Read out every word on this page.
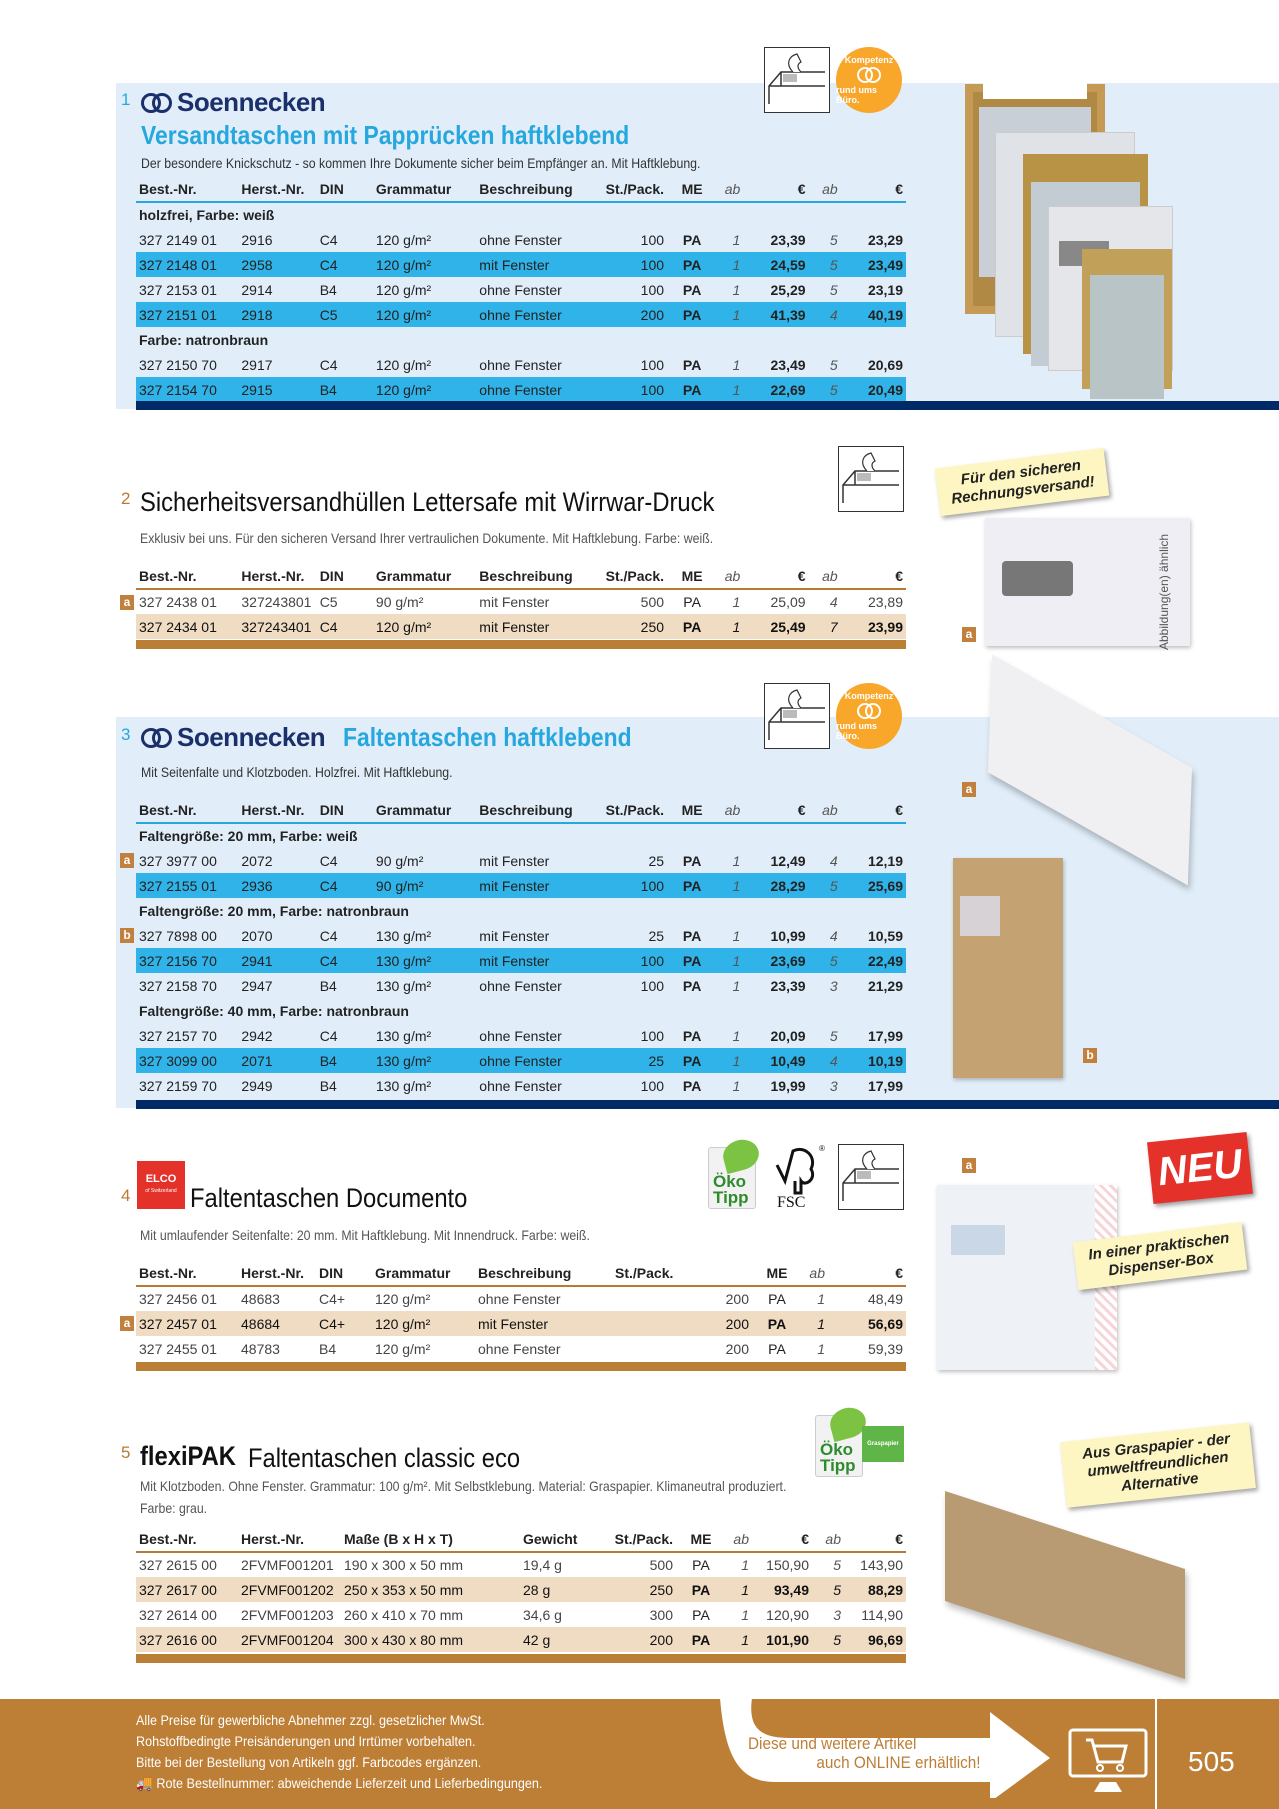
1 Soennecken
Versandtaschen mit Papprücken haftklebend
Der besondere Knickschutz - so kommen Ihre Dokumente sicher beim Empfänger an. Mit Haftklebung.
Kompetenz
rund ums Büro.
Best.-Nr.	Herst.-Nr.	DIN	Grammatur	Beschreibung	St./Pack.	ME	ab	€	ab	€
holzfrei, Farbe: weiß										
327 2149 01	2916	C4	120 g/m²	ohne Fenster	100	PA	1	23,39	5	23,29
327 2148 01	2958	C4	120 g/m²	mit Fenster	100	PA	1	24,59	5	23,49
327 2153 01	2914	B4	120 g/m²	ohne Fenster	100	PA	1	25,29	5	23,19
327 2151 01	2918	C5	120 g/m²	ohne Fenster	200	PA	1	41,39	4	40,19
Farbe: natronbraun										
327 2150 70	2917	C4	120 g/m²	ohne Fenster	100	PA	1	23,49	5	20,69
327 2154 70	2915	B4	120 g/m²	ohne Fenster	100	PA	1	22,69	5	20,49
2 Sicherheitsversandhüllen Lettersafe mit Wirrwar-Druck
Exklusiv bei uns. Für den sicheren Versand Ihrer vertraulichen Dokumente. Mit Haftklebung. Farbe: weiß.
Für den sicheren Rechnungsversand!
a	Abbildung(en) ähnlich
Best.-Nr.	Herst.-Nr.	DIN	Grammatur	Beschreibung	St./Pack.	ME	ab	€	ab	€

a 327 2438 01	327243801	C5	90 g/m²	mit Fenster	500	PA	1	25,09	4	23,89
327 2434 01	327243401	C4	120 g/m²	mit Fenster	250	PA	1	25,49	7	23,99
3 Soennecken Faltentaschen haftklebend
Mit Seitenfalte und Klotzboden. Holzfrei. Mit Haftklebung.
Kompetenz
rund ums Büro.
a
b
Best.-Nr.	Herst.-Nr.	DIN	Grammatur	Beschreibung	St./Pack.	ME	ab	€	ab	€
Faltengröße: 20 mm, Farbe: weiß										

a 327 3977 00	2072	C4	90 g/m²	mit Fenster	25	PA	1	12,49	4	12,19
327 2155 01	2936	C4	90 g/m²	mit Fenster	100	PA	1	28,29	5	25,69
Faltengröße: 20 mm, Farbe: natronbraun										

b 327 7898 00	2070	C4	130 g/m²	mit Fenster	25	PA	1	10,99	4	10,59
327 2156 70	2941	C4	130 g/m²	mit Fenster	100	PA	1	23,69	5	22,49
327 2158 70	2947	B4	130 g/m²	ohne Fenster	100	PA	1	23,39	3	21,29
Faltengröße: 40 mm, Farbe: natronbraun										
327 2157 70	2942	C4	130 g/m²	ohne Fenster	100	PA	1	20,09	5	17,99
327 3099 00	2071	B4	130 g/m²	ohne Fenster	25	PA	1	10,49	4	10,19
327 2159 70	2949	B4	130 g/m²	ohne Fenster	100	PA	1	19,99	3	17,99
4
ELCO
of Switzerland Faltentaschen Documento
Mit umlaufender Seitenfalte: 20 mm. Mit Haftklebung. Mit Innendruck. Farbe: weiß.
Öko
Tipp FSC
®
a	NEU
In einer praktischen Dispenser-Box
Best.-Nr.	Herst.-Nr.	DIN	Grammatur	Beschreibung	St./Pack.	ME	ab	€
327 2456 01	48683	C4+	120 g/m²	ohne Fenster	200	PA	1	48,49

a 327 2457 01	48684	C4+	120 g/m²	mit Fenster	200	PA	1	56,69
327 2455 01	48783	B4	120 g/m²	ohne Fenster	200	PA	1	59,39
5 flexiPAK Faltentaschen classic eco
Mit Klotzboden. Ohne Fenster. Grammatur: 100 g/m². Mit Selbstklebung. Material: Graspapier. Klimaneutral produziert.
Farbe: grau.
Öko
Tipp
Graspapier	Aus Graspapier - der umweltfreundlichen Alternative
Best.-Nr.	Herst.-Nr.	Maße (B x H x T)	Gewicht	St./Pack.	ME	ab	€	ab	€
327 2615 00	2FVMF001201	190 x 300 x 50 mm	19,4 g	500	PA	1	150,90	5	143,90
327 2617 00	2FVMF001202	250 x 353 x 50 mm	28 g	250	PA	1	93,49	5	88,29
327 2614 00	2FVMF001203	260 x 410 x 70 mm	34,6 g	300	PA	1	120,90	3	114,90
327 2616 00	2FVMF001204	300 x 430 x 80 mm	42 g	200	PA	1	101,90	5	96,69
Alle Preise für gewerbliche Abnehmer zzgl. gesetzlicher MwSt.
Rohstoffbedingte Preisänderungen und Irrtümer vorbehalten.
Bitte bei der Bestellung von Artikeln ggf. Farbcodes ergänzen.
🚚 Rote Bestellnummer: abweichende Lieferzeit und Lieferbedingungen.
Diese und weitere Artikel
auch ONLINE erhältlich!	505
